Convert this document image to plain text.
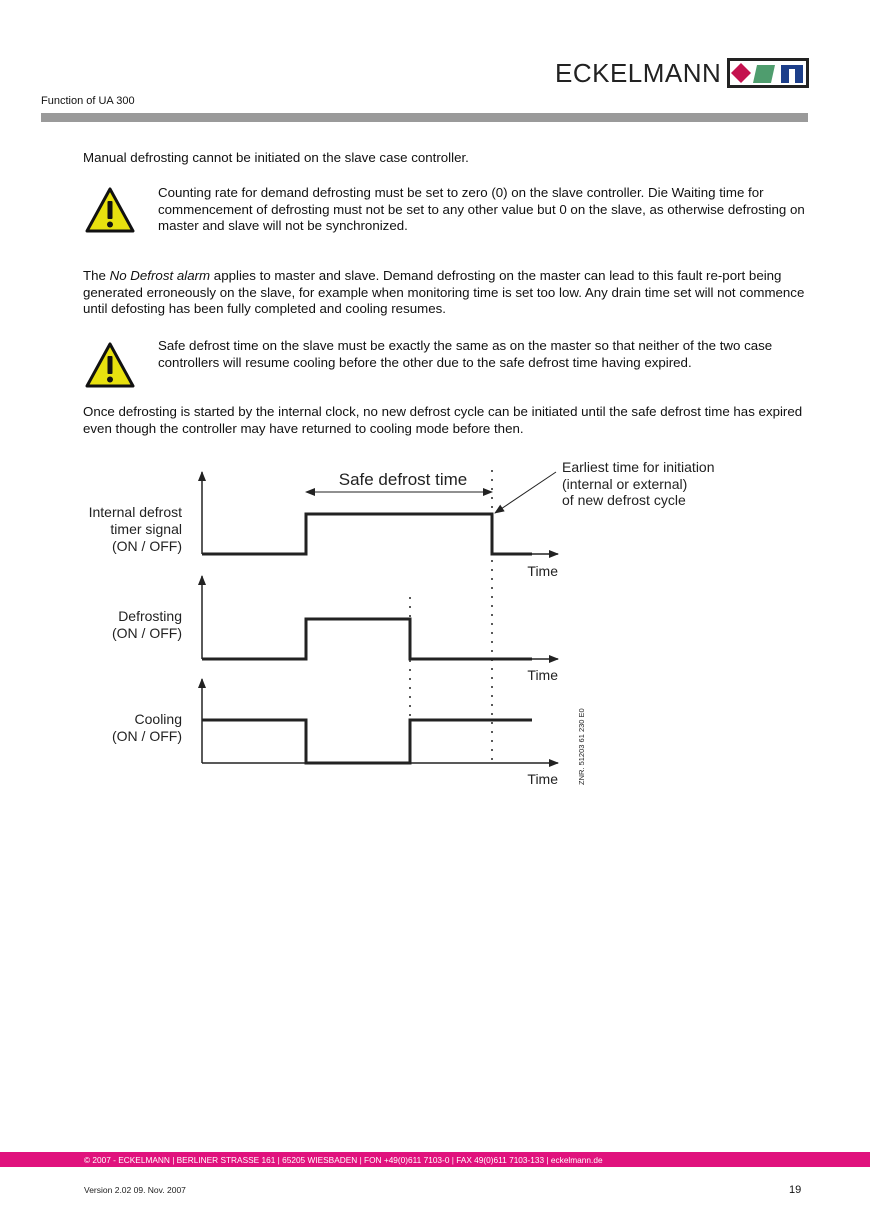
ECKELMANN
Function of UA 300

Manual defrosting cannot be initiated on the slave case controller.

Counting rate for demand defrosting must be set to zero (0) on the slave controller. Die Waiting time for commencement of defrosting must not be set to any other value but 0 on the slave, as otherwise defrosting on master and slave will not be synchronized.

The No Defrost alarm applies to master and slave. Demand defrosting on the master can lead to this fault re-port being generated erroneously on the slave, for example when monitoring time is set too low. Any drain time set will not commence until defosting has been fully completed and cooling resumes.

Safe defrost time on the slave must be exactly the same as on the master so that neither of the two case controllers will resume cooling before the other due to the safe defrost time having expired.

Once defrosting is started by the internal clock, no new defrost cycle can be initiated until the safe defrost time has expired even though the controller may have returned to cooling mode before then.

Internal defrost
timer signal
(ON / OFF)
Time
Safe defrost time
Earliest time for initiation
(internal or external)
of new defrost cycle
Defrosting
(ON / OFF)
Time
Cooling
(ON / OFF)
Time	ZNR. 51203 61 230 E0
© 2007 - ECKELMANN | BERLINER STRASSE 161 | 65205 WIESBADEN | FON +49(0)611 7103-0 | FAX 49(0)611 7103-133 | eckelmann.de
Version 2.02 09. Nov. 2007	19
